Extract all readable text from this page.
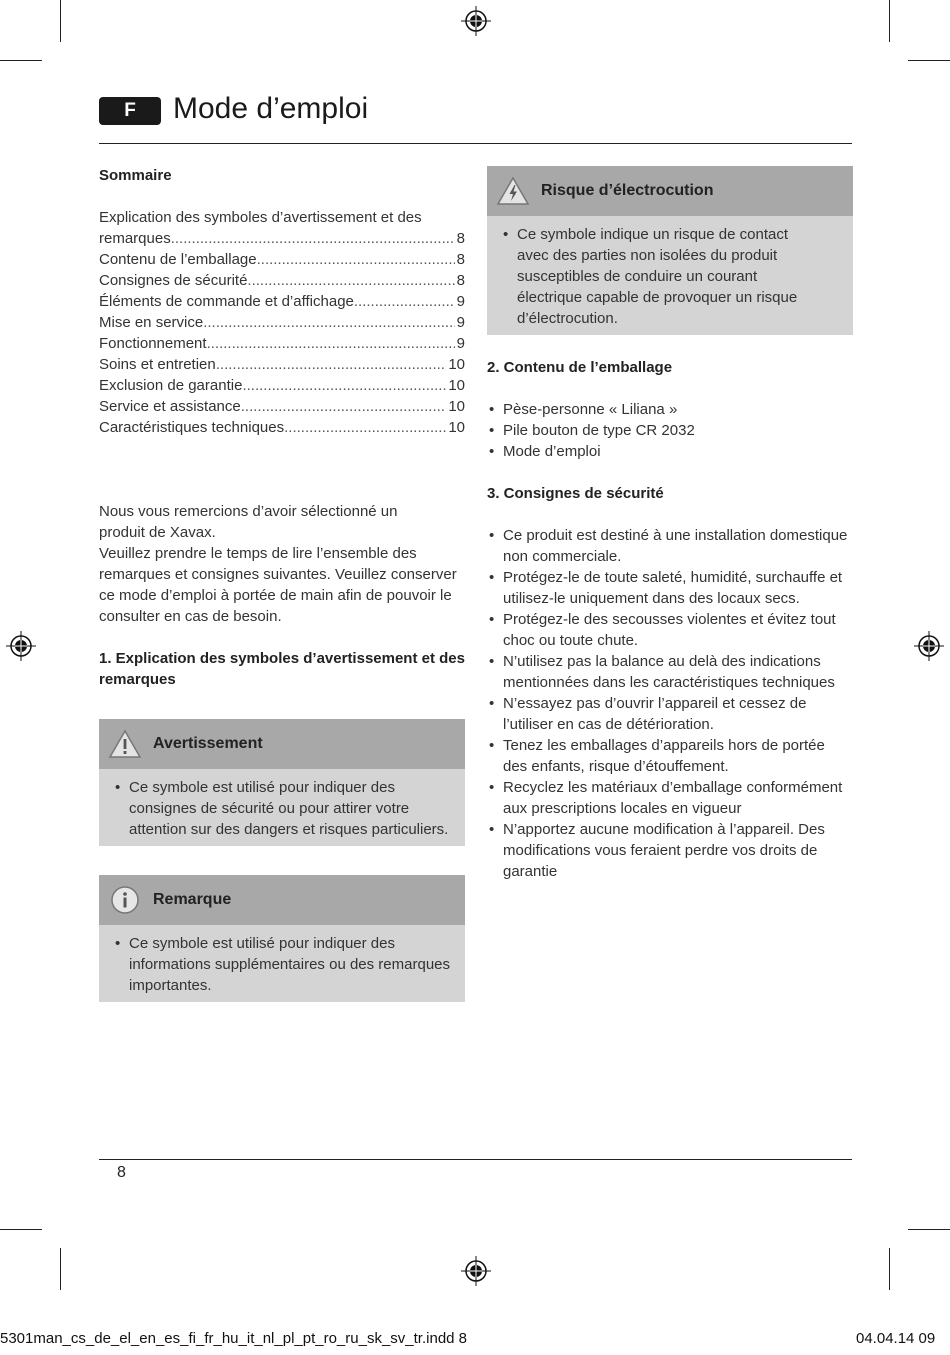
F	Mode d’emploi

Sommaire

Explication des symboles d’avertissement et des

remarques .....	8
Contenu de l’emballage .....	8
Consignes de sécurité .....	8
Éléments de commande et d’affichage .....	9
Mise en service .....	9
Fonctionnement .....	9
Soins et entretien .....	10
Exclusion de garantie .....	10
Service et assistance .....	10
Caractéristiques techniques .....	10

Nous vous remercions d’avoir sélectionné un produit de Xavax.

Veuillez prendre le temps de lire l’ensemble des remarques et consignes suivantes. Veuillez conserver ce mode d’emploi à portée de main afin de pouvoir le consulter en cas de besoin.

1. Explication des symboles d’avertissement et des remarques

Avertissement
• Ce symbole est utilisé pour indiquer des consignes de sécurité ou pour attirer votre attention sur des dangers et risques particuliers.
Remarque
• Ce symbole est utilisé pour indiquer des informations supplémentaires ou des remarques importantes.
Risque d’électrocution
• Ce symbole indique un risque de contact avec des parties non isolées du produit susceptibles de conduire un courant électrique capable de provoquer un risque d’électrocution.

2. Contenu de l’emballage

• Pèse-personne « Liliana »
• Pile bouton de type CR 2032
• Mode d’emploi

3. Consignes de sécurité

• Ce produit est destiné à une installation domestique non commerciale.
• Protégez-le de toute saleté, humidité, surchauffe et utilisez-le uniquement dans des locaux secs.
• Protégez-le des secousses violentes et évitez tout choc ou toute chute.
• N’utilisez pas la balance au delà des indications mentionnées dans les caractéristiques techniques
• N’essayez pas d’ouvrir l’appareil et cessez de l’utiliser en cas de détérioration.
• Tenez les emballages d’appareils hors de portée des enfants, risque d’étouffement.
• Recyclez les matériaux d’emballage conformément aux prescriptions locales en vigueur
• N’apportez aucune modification à l’appareil. Des modifications vous feraient perdre vos droits de garantie
8
5301man_cs_de_el_en_es_fi_fr_hu_it_nl_pl_pt_ro_ru_sk_sv_tr.indd 8	04.04.14 09
